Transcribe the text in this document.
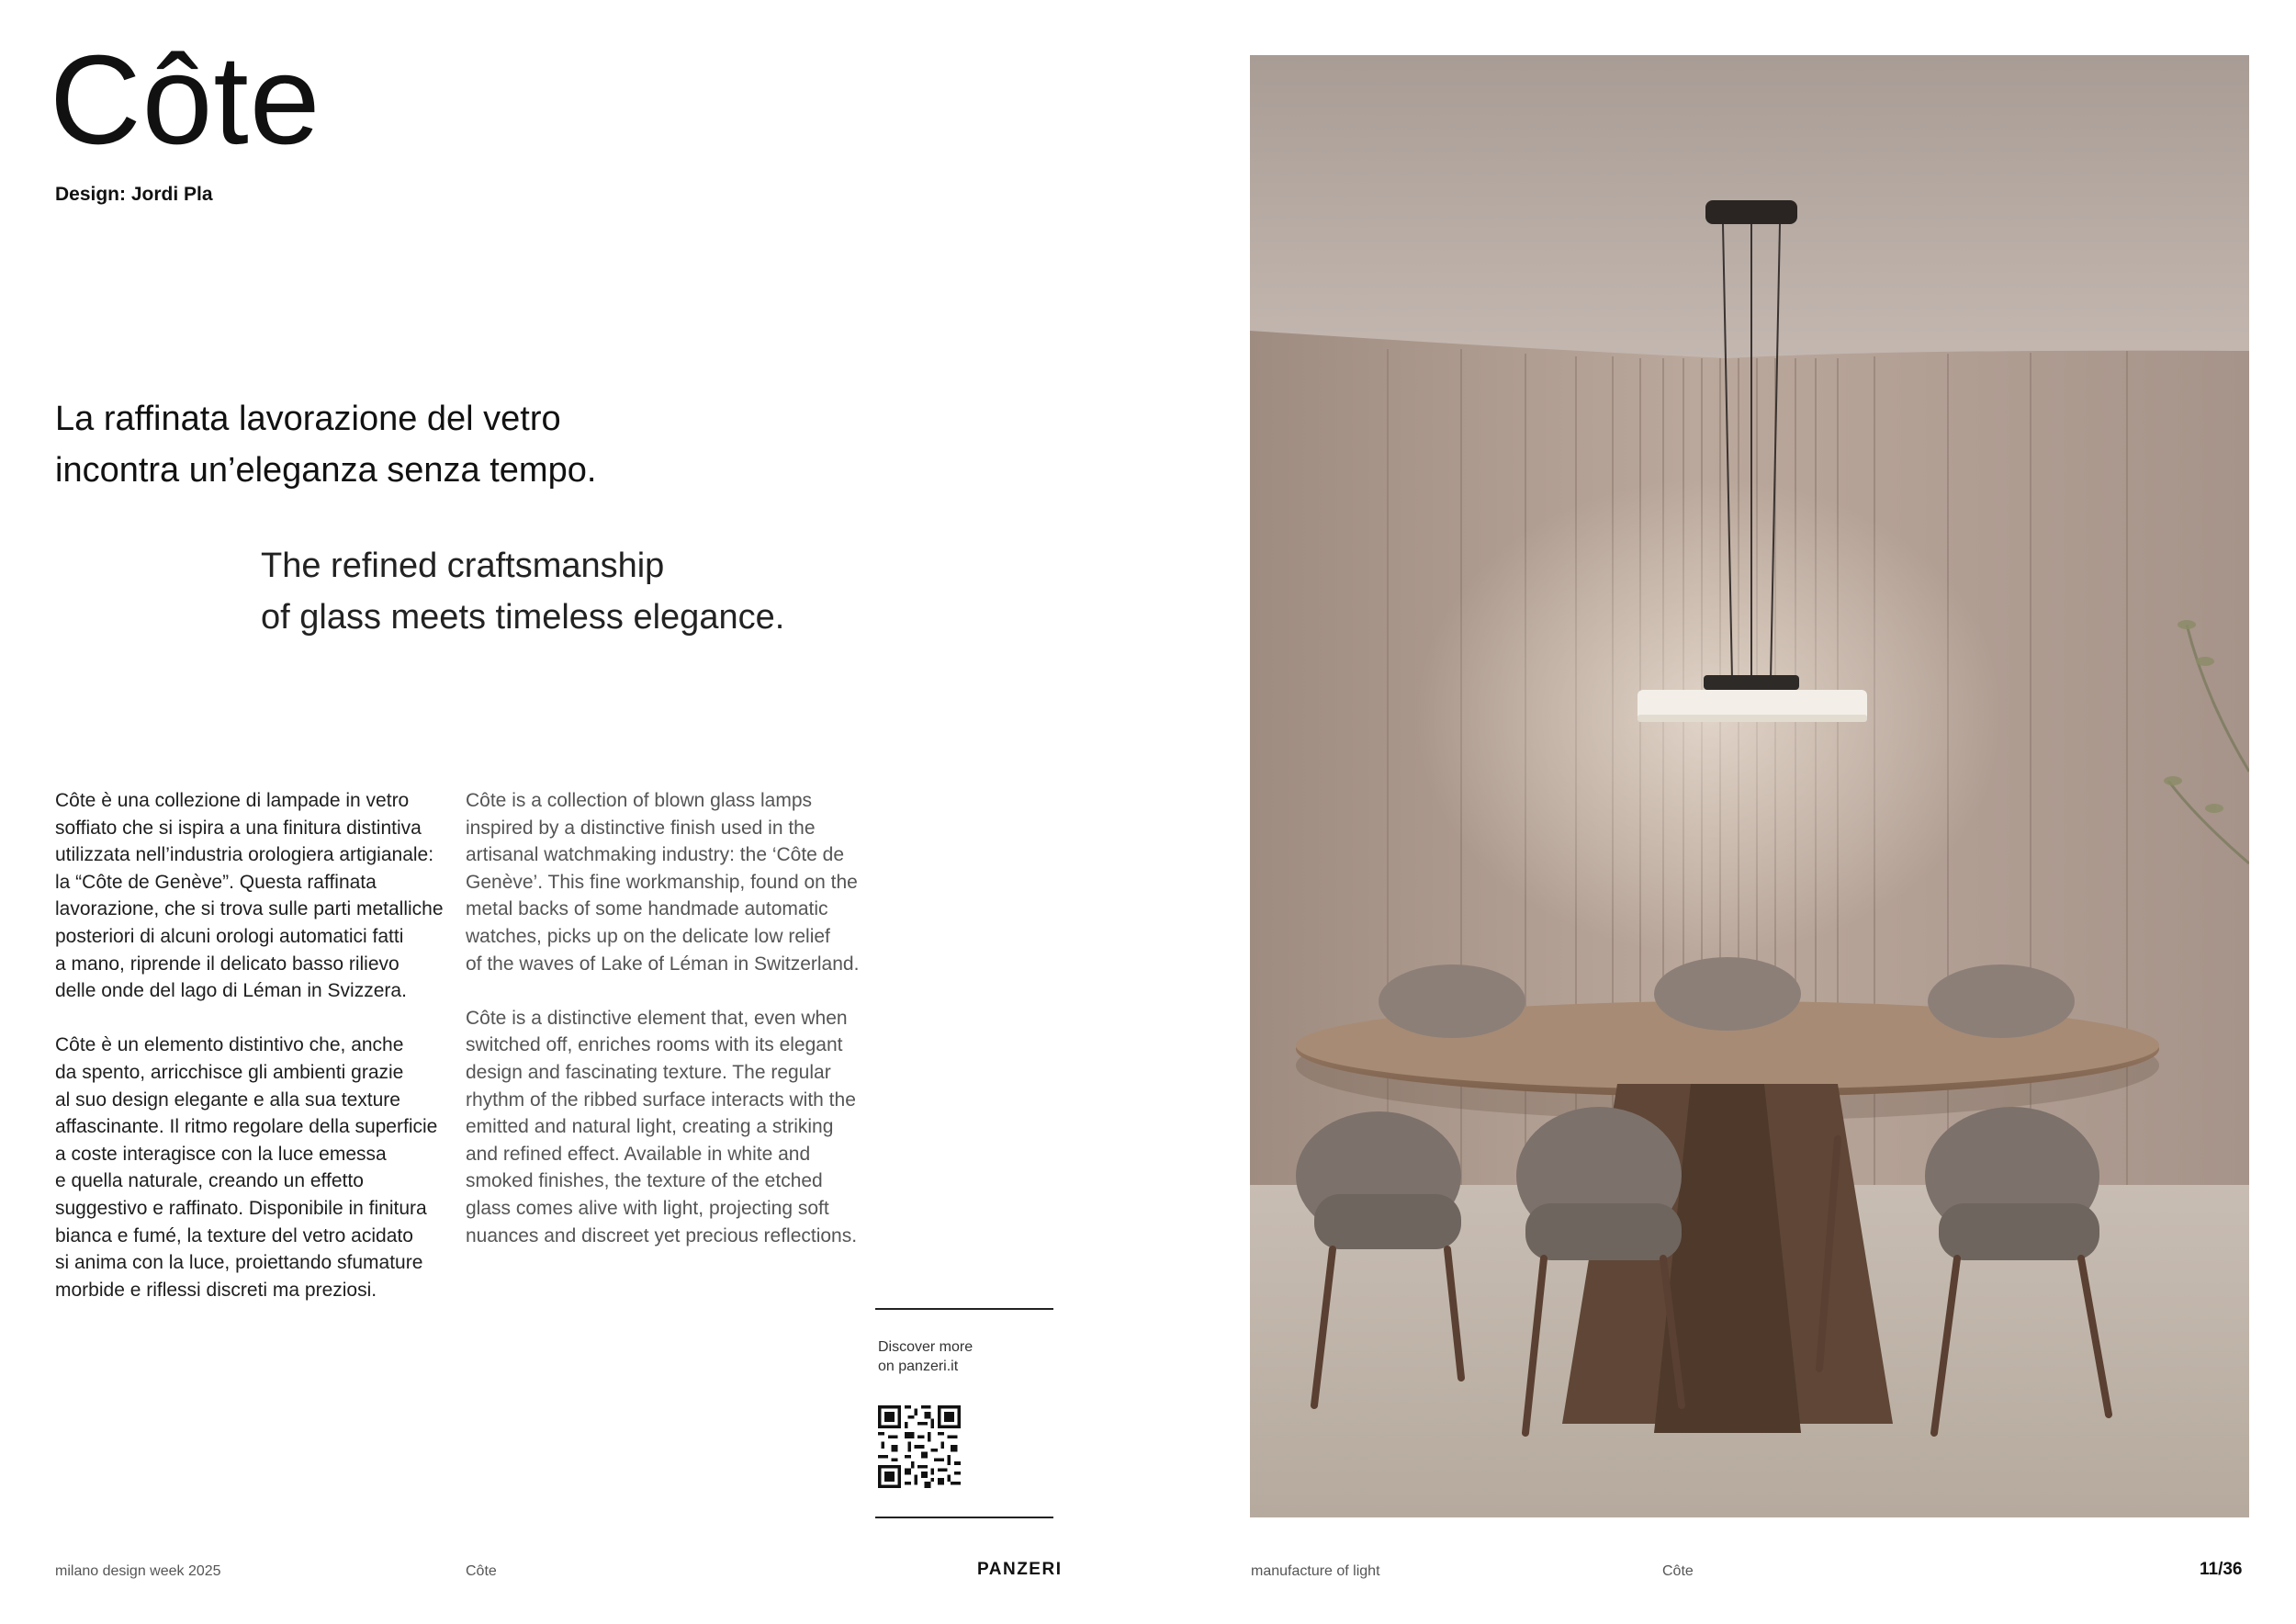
Côte
Design: Jordi Pla
La raffinata lavorazione del vetro
incontra un’eleganza senza tempo.
The refined craftsmanship
of glass meets timeless elegance.

Côte è una collezione di lampade in vetro
soffiato che si ispira a una finitura distintiva
utilizzata nell’industria orologiera artigianale:
la “Côte de Genève”. Questa raffinata
lavorazione, che si trova sulle parti metalliche
posteriori di alcuni orologi automatici fatti
a mano, riprende il delicato basso rilievo
delle onde del lago di Léman in Svizzera.

Côte è un elemento distintivo che, anche
da spento, arricchisce gli ambienti grazie
al suo design elegante e alla sua texture
affascinante. Il ritmo regolare della superficie
a coste interagisce con la luce emessa
e quella naturale, creando un effetto
suggestivo e raffinato. Disponibile in finitura
bianca e fumé, la texture del vetro acidato
si anima con la luce, proiettando sfumature
morbide e riflessi discreti ma preziosi.

Côte is a collection of blown glass lamps
inspired by a distinctive finish used in the
artisanal watchmaking industry: the ‘Côte de
Genève’. This fine workmanship, found on the
metal backs of some handmade automatic
watches, picks up on the delicate low relief
of the waves of Lake of Léman in Switzerland.

Côte is a distinctive element that, even when
switched off, enriches rooms with its elegant
design and fascinating texture. The regular
rhythm of the ribbed surface interacts with the
emitted and natural light, creating a striking
and refined effect. Available in white and
smoked finishes, the texture of the etched
glass comes alive with light, projecting soft
nuances and discreet yet precious reflections.

Discover more
on panzeri.it
milano design week 2025	Côte	PANZERI	manufacture of light	Côte	11/36
